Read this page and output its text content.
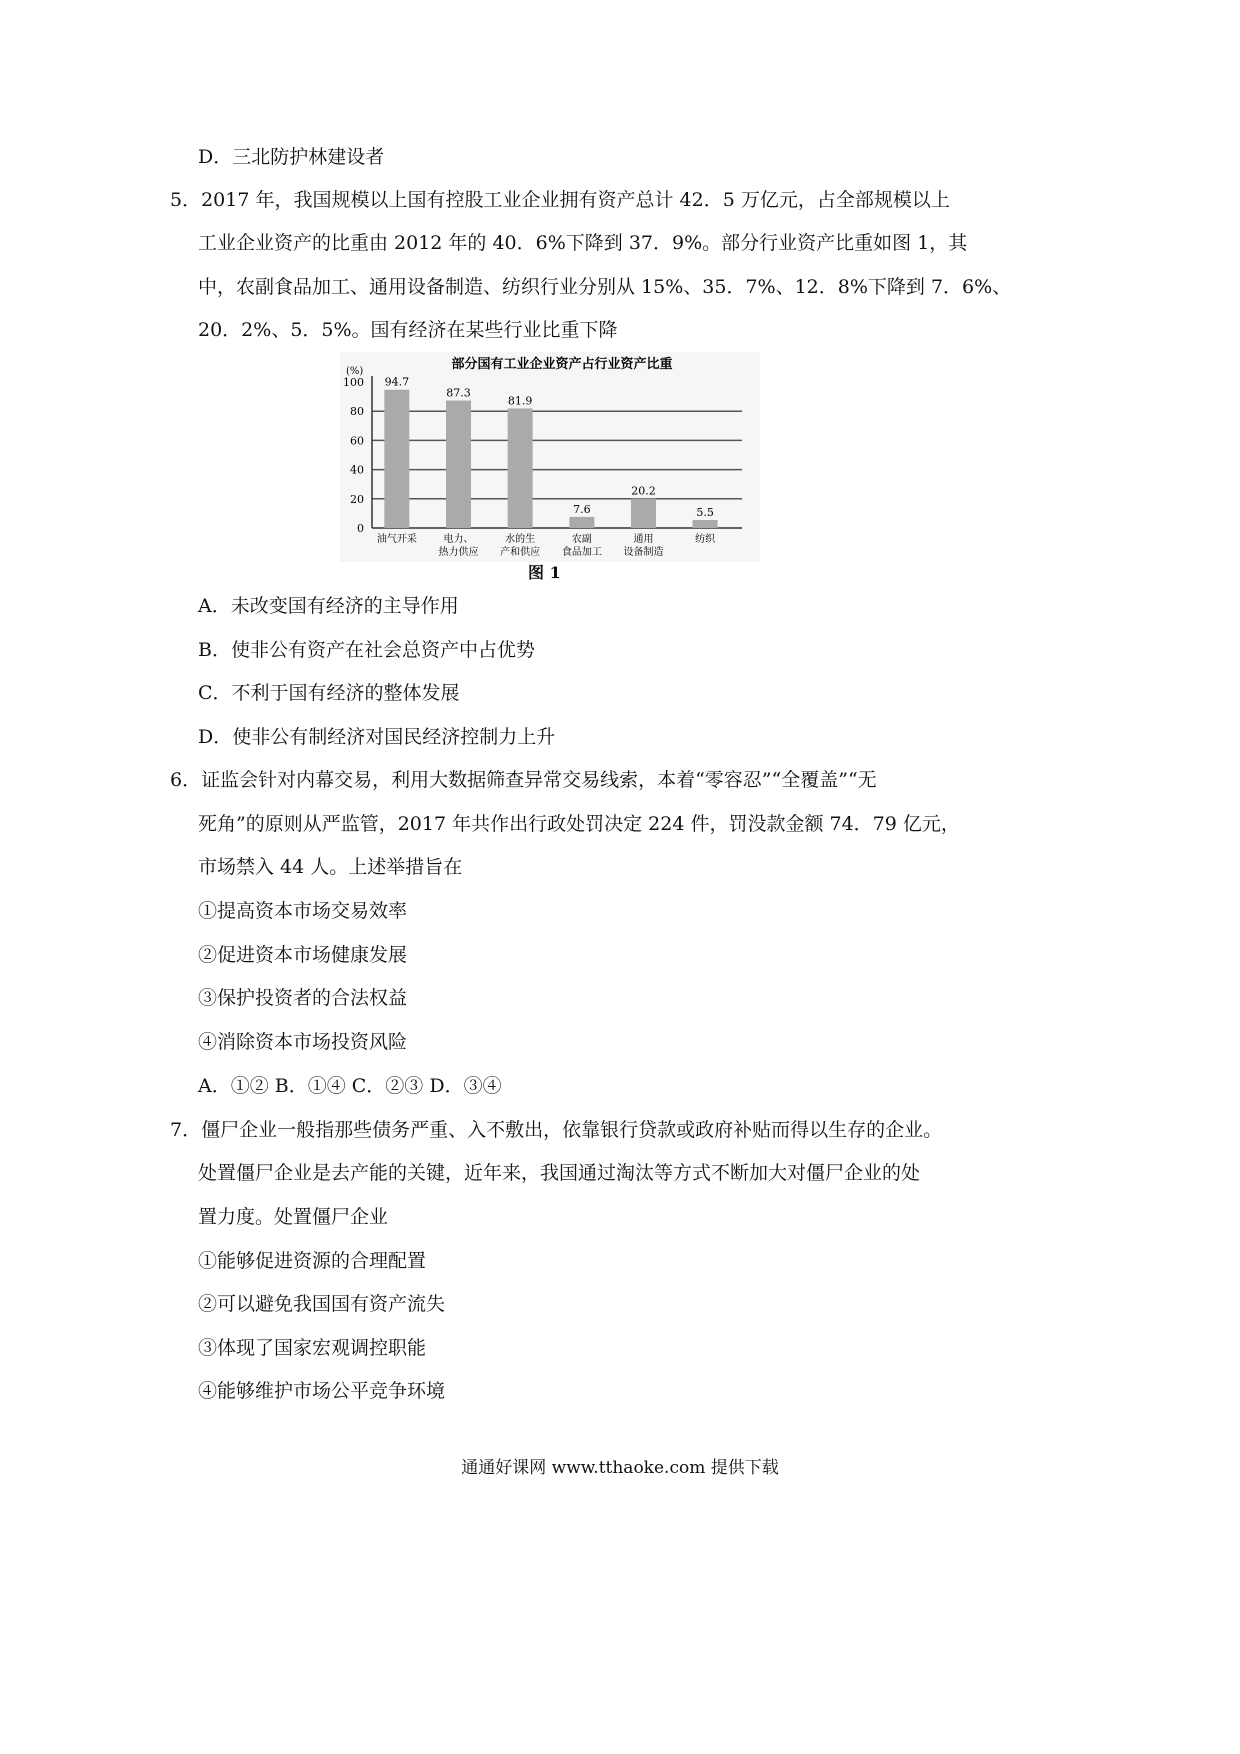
D．三北防护林建设者
5．2017 年，我国规模以上国有控股工业企业拥有资产总计 42．5 万亿元，占全部规模以上
工业企业资产的比重由 2012 年的 40．6%下降到 37．9%。部分行业资产比重如图 1，其
中，农副食品加工、通用设备制造、纺织行业分别从 15%、35．7%、12．8%下降到 7．6%、
20．2%、5．5%。国有经济在某些行业比重下降
A．未改变国有经济的主导作用
B．使非公有资产在社会总资产中占优势
C．不利于国有经济的整体发展
D．使非公有制经济对国民经济控制力上升
6．证监会针对内幕交易，利用大数据筛查异常交易线索，本着“零容忍”“全覆盖”“无
死角”的原则从严监管，2017 年共作出行政处罚决定 224 件，罚没款金额 74．79 亿元，
市场禁入 44 人。上述举措旨在
①提高资本市场交易效率
②促进资本市场健康发展
③保护投资者的合法权益
④消除资本市场投资风险
A．①② B．①④ C．②③ D．③④
7．僵尸企业一般指那些债务严重、入不敷出，依靠银行贷款或政府补贴而得以生存的企业。
处置僵尸企业是去产能的关键，近年来，我国通过淘汰等方式不断加大对僵尸企业的处
置力度。处置僵尸企业
①能够促进资源的合理配置
②可以避免我国国有资产流失
③体现了国家宏观调控职能
④能够维护市场公平竞争环境
部分国有工业企业资产占行业资产比重
(%)
0
20
40
60
80
100 94.7
油气开采
87.3
电力、
热力供应
81.9
水的生
产和供应
7.6
农副
食品加工
20.2
通用
设备制造
5.5
纺织
图 1
通通好课网 www.tthaoke.com 提供下载
